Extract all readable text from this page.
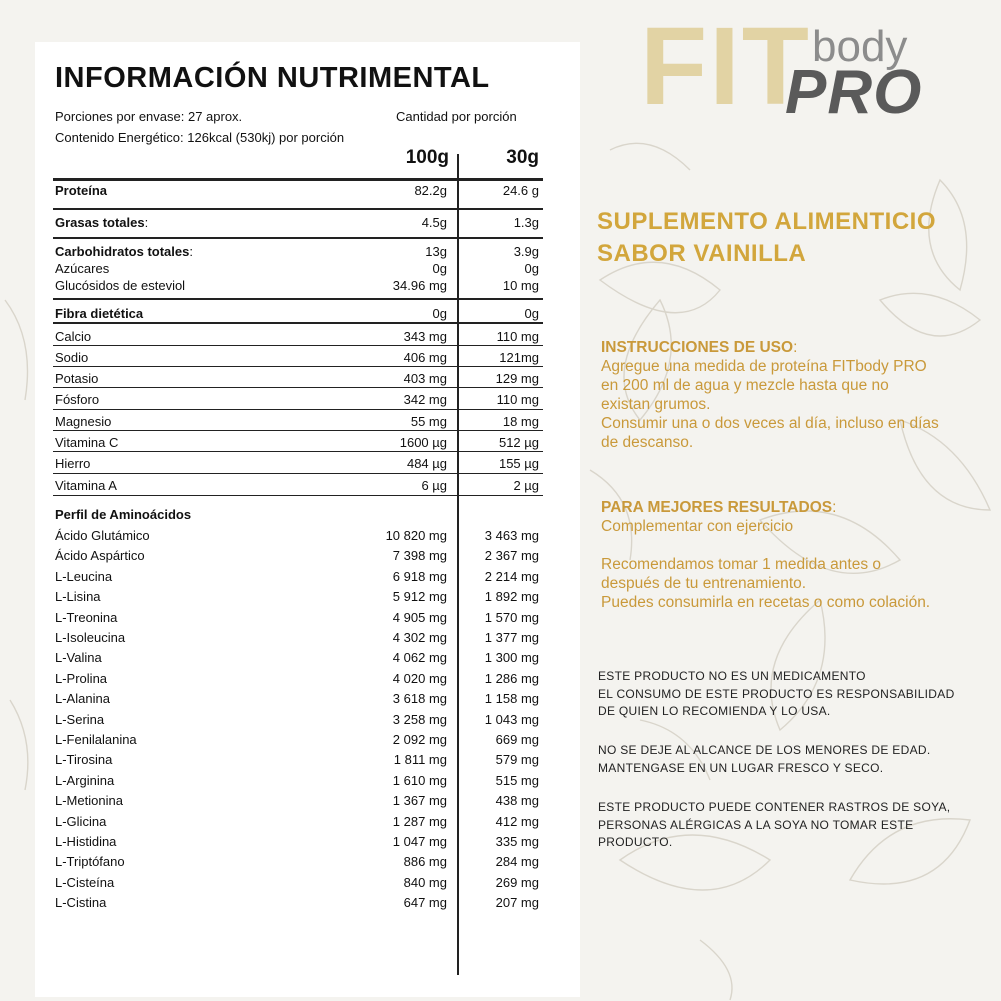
INFORMACIÓN NUTRIMENTAL
Porciones por envase: 27 aprox.	Cantidad por porción
Contenido Energético: 126kcal (530kj) por porción
100g	30g
Proteína	82.2g	24.6 g
Grasas totales:	4.5g	1.3g
Carbohidratos totales:	13g	3.9g
Azúcares	0g	0g
Glucósidos de esteviol	34.96 mg	10 mg
Fibra dietética	0g	0g
Calcio	343 mg	110 mg
Sodio	406 mg	121mg
Potasio	403 mg	129 mg
Fósforo	342 mg	110 mg
Magnesio	55 mg	18 mg
Vitamina C	1600 µg	512 µg
Hierro	484 µg	155 µg
Vitamina A	6 µg	2 µg
Perfil de Aminoácidos
Ácido Glutámico	10 820 mg	3 463 mg
Ácido Aspártico	7 398 mg	2 367 mg
L-Leucina	6 918 mg	2 214 mg
L-Lisina	5 912 mg	1 892 mg
L-Treonina	4 905 mg	1 570 mg
L-Isoleucina	4 302 mg	1 377 mg
L-Valina	4 062 mg	1 300 mg
L-Prolina	4 020 mg	1 286 mg
L-Alanina	3 618 mg	1 158 mg
L-Serina	3 258 mg	1 043 mg
L-Fenilalanina	2 092 mg	669 mg
L-Tirosina	1 811 mg	579 mg
L-Arginina	1 610 mg	515 mg
L-Metionina	1 367 mg	438 mg
L-Glicina	1 287 mg	412 mg
L-Histidina	1 047 mg	335 mg
L-Triptófano	886 mg	284 mg
L-Cisteína	840 mg	269 mg
L-Cistina	647 mg	207 mg
FIT body
PRO
SUPLEMENTO ALIMENTICIO
SABOR VAINILLA
INSTRUCCIONES DE USO:
Agregue una medida de proteína FITbody PRO
en 200 ml de agua y mezcle hasta que no
existan grumos.
Consumir una o dos veces al día, incluso en días
de descanso.
PARA MEJORES RESULTADOS:
Complementar con ejercicio
Recomendamos tomar 1 medida antes o
después de tu entrenamiento.
Puedes consumirla en recetas o como colación.
ESTE PRODUCTO NO ES UN MEDICAMENTO
EL CONSUMO DE ESTE PRODUCTO ES RESPONSABILIDAD
DE QUIEN LO RECOMIENDA Y LO USA.
NO SE DEJE AL ALCANCE DE LOS MENORES DE EDAD.
MANTENGASE EN UN LUGAR FRESCO Y SECO.
ESTE PRODUCTO PUEDE CONTENER RASTROS DE SOYA,
PERSONAS ALÉRGICAS A LA SOYA NO TOMAR ESTE
PRODUCTO.
